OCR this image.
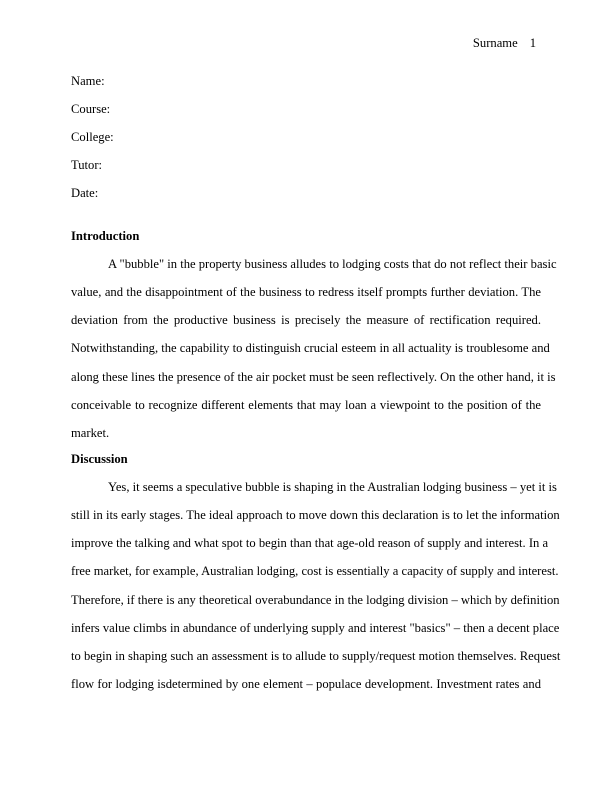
Surname 1
Name:
Course:
College:
Tutor:
Date:
Introduction
A "bubble" in the property business alludes to lodging costs that do not reflect their basic
value, and the disappointment of the business to redress itself prompts further deviation. The
deviation from the productive business is precisely the measure of rectification required.
Notwithstanding, the capability to distinguish crucial esteem in all actuality is troublesome and
along these lines the presence of the air pocket must be seen reflectively. On the other hand, it is
conceivable to recognize different elements that may loan a viewpoint to the position of the
market.
Discussion
Yes, it seems a speculative bubble is shaping in the Australian lodging business – yet it is
still in its early stages. The ideal approach to move down this declaration is to let the information
improve the talking and what spot to begin than that age-old reason of supply and interest. In a
free market, for example, Australian lodging, cost is essentially a capacity of supply and interest.
Therefore, if there is any theoretical overabundance in the lodging division – which by definition
infers value climbs in abundance of underlying supply and interest "basics" – then a decent place
to begin in shaping such an assessment is to allude to supply/request motion themselves. Request
flow for lodging isdetermined by one element – populace development. Investment rates and
